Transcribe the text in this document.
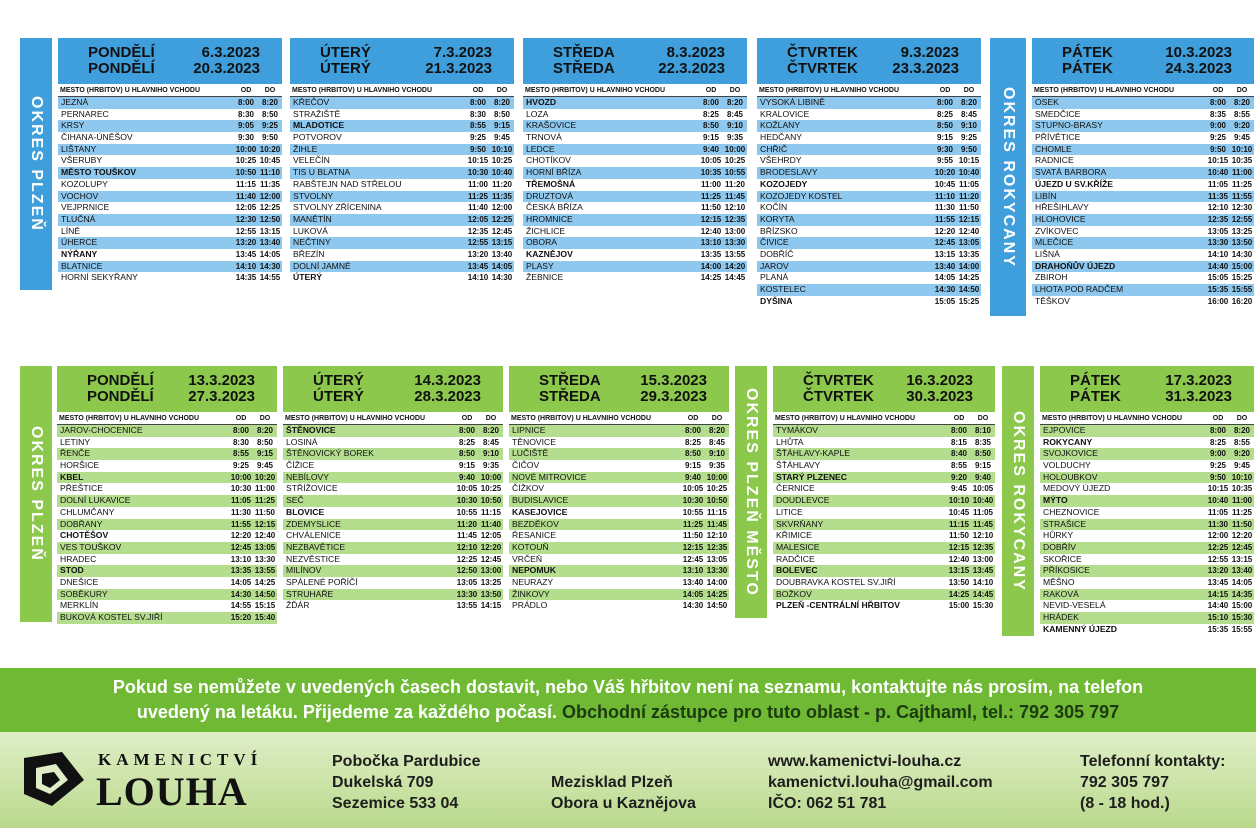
OKRES PLZEŇ	OKRES ROKYCANY
PONDĚLÍ	6.3.2023
PONDĚLÍ	20.3.2023
MĚSTO (HŘBITOV) U HLAVNÍHO VCHODU	OD	DO
JEZNÁ	8:00 8:20
PERNAREC	8:30 8:50
KRSY	9:05 9:25
ČIHANA-ÚNĚŠOV	9:30 9:50
LIŠTANY	10:00 10:20
VŠERUBY	10:25 10:45
MĚSTO TOUŠKOV	10:50 11:10
KOZOLUPY	11:15 11:35
VOCHOV	11:40 12:00
VEJPRNICE	12:05 12:25
TLUČNÁ	12:30 12:50
LÍNĚ	12:55 13:15
ÚHERCE	13:20 13:40
NÝŘANY	13:45 14:05
BLATNICE	14:10 14:30
HORNÍ SEKYŘANY	14:35 14:55
ÚTERÝ	7.3.2023
ÚTERÝ	21.3.2023
MĚSTO (HŘBITOV) U HLAVNÍHO VCHODU	OD	DO
KŘEČOV	8:00 8:20
STRAŽIŠTĚ	8:30 8:50
MLADOTICE	8:55 9:15
POTVOROV	9:25 9:45
ŽIHLE	9:50 10:10
VELEČÍN	10:15 10:25
TIS U BLATNA	10:30 10:40
RABŠTEJN NAD STŘELOU	11:00 11:20
STVOLNY	11:25 11:35
STVOLNY ZŘÍCENINA	11:40 12:00
MANĚTÍN	12:05 12:25
LUKOVÁ	12:35 12:45
NEČTINY	12:55 13:15
BŘEZÍN	13:20 13:40
DOLNÍ JAMNÉ	13:45 14:05
ÚTERÝ	14:10 14:30
STŘEDA	8.3.2023
STŘEDA	22.3.2023
MĚSTO (HŘBITOV) U HLAVNÍHO VCHODU	OD	DO
HVOZD	8:00 8:20
LOZA	8:25 8:45
KRAŠOVICE	8:50 9:10
TRNOVÁ	9:15 9:35
LEDCE	9:40 10:00
CHOTÍKOV	10:05 10:25
HORNÍ BŘÍZA	10:35 10:55
TŘEMOŠNÁ	11:00 11:20
DRUZTOVÁ	11:25 11:45
ČESKÁ BŘÍZA	11:50 12:10
HROMNICE	12:15 12:35
ŽICHLICE	12:40 13:00
OBORA	13:10 13:30
KAZNĚJOV	13:35 13:55
PLASY	14:00 14:20
ŽEBNICE	14:25 14:45
ČTVRTEK	9.3.2023
ČTVRTEK 23.3.2023
MĚSTO (HŘBITOV) U HLAVNÍHO VCHODU	OD	DO
VYSOKÁ LIBINĚ	8:00 8:20
KRALOVICE	8:25 8:45
KOŽLANY	8:50 9:10
HEDČANY	9:15 9:25
CHŘIČ	9:30 9:50
VŠEHRDY	9:55 10:15
BRODESLAVY	10:20 10:40
KOZOJEDY	10:45 11:05
KOZOJEDY KOSTEL	11:10 11:20
KOČÍN	11:30 11:50
KORYTA	11:55 12:15
BŘÍZSKO	12:20 12:40
ČIVICE	12:45 13:05
DOBŘÍČ	13:15 13:35
JAROV	13:40 14:00
PLANÁ	14:05 14:25
KOSTELEC	14:30 14:50
DYŠINA	15:05 15:25
PÁTEK	10.3.2023
PÁTEK	24.3.2023
MĚSTO (HŘBITOV) U HLAVNÍHO VCHODU	OD	DO
OSEK	8:00 8:20
SMEDČICE	8:35 8:55
STUPNO-BRASY	9:00 9:20
PŘÍVĚTICE	9:25 9:45
CHOMLE	9:50 10:10
RADNICE	10:15 10:35
SVATÁ BARBORA	10:40 11:00
ÚJEZD U SV.KŘÍŽE	11:05 11:25
LIBÍN	11:35 11:55
HŘEŠIHLAVY	12:10 12:30
HLOHOVICE	12:35 12:55
ZVÍKOVEC	13:05 13:25
MLEČICE	13:30 13:50
LIŠNÁ	14:10 14:30
DRAHOŇŮV ÚJEZD	14:40 15:00
ZBIROH	15:05 15:25
LHOTA POD RADČEM	15:35 15:55
TĚŠKOV	16:00 16:20
OKRES PLZEŇ	OKRES PLZEŇ MĚSTO	OKRES ROKYCANY
PONDĚLÍ 13.3.2023
PONDĚLÍ 27.3.2023
MĚSTO (HŘBITOV) U HLAVNÍHO VCHODU	OD	DO
JAROV-CHOCENICE	8:00 8:20
LETINY	8:30 8:50
ŘENČE	8:55 9:15
HORŠICE	9:25 9:45
KBEL	10:00 10:20
PŘEŠTICE	10:30 11:00
DOLNÍ LUKAVICE	11:05 11:25
CHLUMČANY	11:30 11:50
DOBŘANY	11:55 12:15
CHOTĚŠOV	12:20 12:40
VES TOUŠKOV	12:45 13:05
HRADEC	13:10 13:30
STOD	13:35 13:55
DNEŠICE	14:05 14:25
SOBĚKURY	14:30 14:50
MERKLÍN	14:55 15:15
BUKOVÁ KOSTEL SV.JIŘÍ	15:20 15:40
ÚTERÝ	14.3.2023
ÚTERÝ	28.3.2023
MĚSTO (HŘBITOV) U HLAVNÍHO VCHODU	OD	DO
ŠTĚNOVICE	8:00 8:20
LOSINÁ	8:25 8:45
ŠTĚNOVICKÝ BOREK	8:50 9:10
ČÍŽICE	9:15 9:35
NEBÍLOVY	9:40 10:00
STŘÍŽOVICE	10:05 10:25
SEČ	10:30 10:50
BLOVICE	10:55 11:15
ZDEMYSLICE	11:20 11:40
CHVÁLENICE	11:45 12:05
NEZBAVĚTICE	12:10 12:20
NEZVĚSTICE	12:25 12:45
MILÍNOV	12:50 13:00
SPÁLENÉ POŘÍČÍ	13:05 13:25
STRUHAŘE	13:30 13:50
ŽĎÁR	13:55 14:15
STŘEDA	15.3.2023
STŘEDA	29.3.2023
MĚSTO (HŘBITOV) U HLAVNÍHO VCHODU	OD	DO
LIPNICE	8:00 8:20
TĚNOVICE	8:25 8:45
LUČIŠTĚ	8:50 9:10
ČIČOV	9:15 9:35
NOVÉ MITROVICE	9:40 10:00
ČÍŽKOV	10:05 10:25
BUDISLAVICE	10:30 10:50
KASEJOVICE	10:55 11:15
BEZDĚKOV	11:25 11:45
ŘESANICE	11:50 12:10
KOTOUŇ	12:15 12:35
VRČEŇ	12:45 13:05
NEPOMUK	13:10 13:30
NEURAZY	13:40 14:00
ŽINKOVY	14:05 14:25
PRÁDLO	14:30 14:50
ČTVRTEK 16.3.2023
ČTVRTEK 30.3.2023
MĚSTO (HŘBITOV) U HLAVNÍHO VCHODU	OD	DO
TYMÁKOV	8:00 8:10
LHŮTA	8:15 8:35
ŠŤÁHLAVY-KAPLE	8:40 8:50
ŠŤÁHLAVY	8:55 9:15
STARÝ PLZENEC	9:20 9:40
ČERNICE	9:45 10:05
DOUDLEVCE	10:10 10:40
LITICE	10:45 11:05
SKVRŇANY	11:15 11:45
KŘIMICE	11:50 12:10
MALESICE	12:15 12:35
RADČICE	12:40 13:00
BOLEVEC	13:15 13:45
DOUBRAVKA KOSTEL SV.JIŘÍ	13:50 14:10
BOŽKOV	14:25 14:45
PLZEŇ -CENTRÁLNÍ HŘBITOV	15:00 15:30
PÁTEK	17.3.2023
PÁTEK	31.3.2023
MĚSTO (HŘBITOV) U HLAVNÍHO VCHODU	OD	DO
EJPOVICE	8:00 8:20
ROKYCANY	8:25 8:55
SVOJKOVICE	9:00 9:20
VOLDUCHY	9:25 9:45
HOLOUBKOV	9:50 10:10
MEDOVÝ ÚJEZD	10:15 10:35
MÝTO	10:40 11:00
CHEZNOVICE	11:05 11:25
STRAŠICE	11:30 11:50
HŮRKY	12:00 12:20
DOBŘÍV	12:25 12:45
SKOŘICE	12:55 13:15
PŘÍKOSICE	13:20 13:40
MĚŠNO	13:45 14:05
RAKOVÁ	14:15 14:35
NEVID-VESELÁ	14:40 15:00
HRÁDEK	15:10 15:30
KAMENNÝ ÚJEZD	15:35 15:55
Pokud se nemůžete v uvedených časech dostavit, nebo Váš hřbitov není na seznamu, kontaktujte nás prosím, na telefon
uvedený na letáku. Přijedeme za každého počasí. Obchodní zástupce pro tuto oblast - p. Cajthaml, tel.: 792 305 797
KAMENICTVÍ
LOUHA
Pobočka Pardubice
Dukelská 709
Sezemice 533 04
Mezisklad Plzeň
Obora u Kaznějova
www.kamenictvi-louha.cz
kamenictvi.louha@gmail.com
IČO: 062 51 781
Telefonní kontakty:
792 305 797
(8 - 18 hod.)
